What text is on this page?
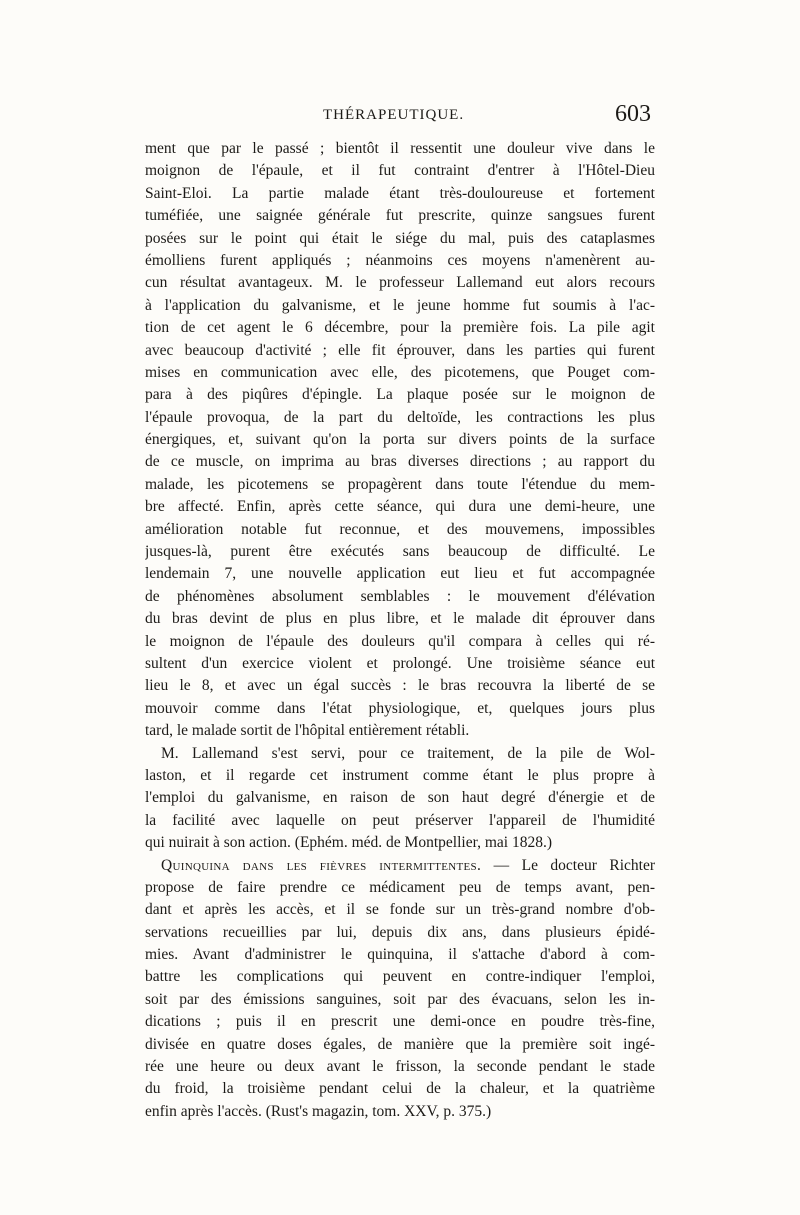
THÉRAPEUTIQUE.	603
ment que par le passé ; bientôt il ressentit une douleur vive dans le
moignon de l'épaule, et il fut contraint d'entrer à l'Hôtel-Dieu
Saint-Eloi. La partie malade étant très-douloureuse et fortement
tuméfiée, une saignée générale fut prescrite, quinze sangsues furent
posées sur le point qui était le siége du mal, puis des cataplasmes
émolliens furent appliqués ; néanmoins ces moyens n'amenèrent au-
cun résultat avantageux. M. le professeur Lallemand eut alors recours
à l'application du galvanisme, et le jeune homme fut soumis à l'ac-
tion de cet agent le 6 décembre, pour la première fois. La pile agit
avec beaucoup d'activité ; elle fit éprouver, dans les parties qui furent
mises en communication avec elle, des picotemens, que Pouget com-
para à des piqûres d'épingle. La plaque posée sur le moignon de
l'épaule provoqua, de la part du deltoïde, les contractions les plus
énergiques, et, suivant qu'on la porta sur divers points de la surface
de ce muscle, on imprima au bras diverses directions ; au rapport du
malade, les picotemens se propagèrent dans toute l'étendue du mem-
bre affecté. Enfin, après cette séance, qui dura une demi-heure, une
amélioration notable fut reconnue, et des mouvemens, impossibles
jusques-là, purent être exécutés sans beaucoup de difficulté. Le
lendemain 7, une nouvelle application eut lieu et fut accompagnée
de phénomènes absolument semblables : le mouvement d'élévation
du bras devint de plus en plus libre, et le malade dit éprouver dans
le moignon de l'épaule des douleurs qu'il compara à celles qui ré-
sultent d'un exercice violent et prolongé. Une troisième séance eut
lieu le 8, et avec un égal succès : le bras recouvra la liberté de se
mouvoir comme dans l'état physiologique, et, quelques jours plus
tard, le malade sortit de l'hôpital entièrement rétabli.
M. Lallemand s'est servi, pour ce traitement, de la pile de Wol-
laston, et il regarde cet instrument comme étant le plus propre à
l'emploi du galvanisme, en raison de son haut degré d'énergie et de
la facilité avec laquelle on peut préserver l'appareil de l'humidité
qui nuirait à son action. (Ephém. méd. de Montpellier, mai 1828.)
Quinquina dans les fièvres intermittentes. — Le docteur Richter
propose de faire prendre ce médicament peu de temps avant, pen-
dant et après les accès, et il se fonde sur un très-grand nombre d'ob-
servations recueillies par lui, depuis dix ans, dans plusieurs épidé-
mies. Avant d'administrer le quinquina, il s'attache d'abord à com-
battre les complications qui peuvent en contre-indiquer l'emploi,
soit par des émissions sanguines, soit par des évacuans, selon les in-
dications ; puis il en prescrit une demi-once en poudre très-fine,
divisée en quatre doses égales, de manière que la première soit ingé-
rée une heure ou deux avant le frisson, la seconde pendant le stade
du froid, la troisième pendant celui de la chaleur, et la quatrième
enfin après l'accès. (Rust's magazin, tom. XXV, p. 375.)
